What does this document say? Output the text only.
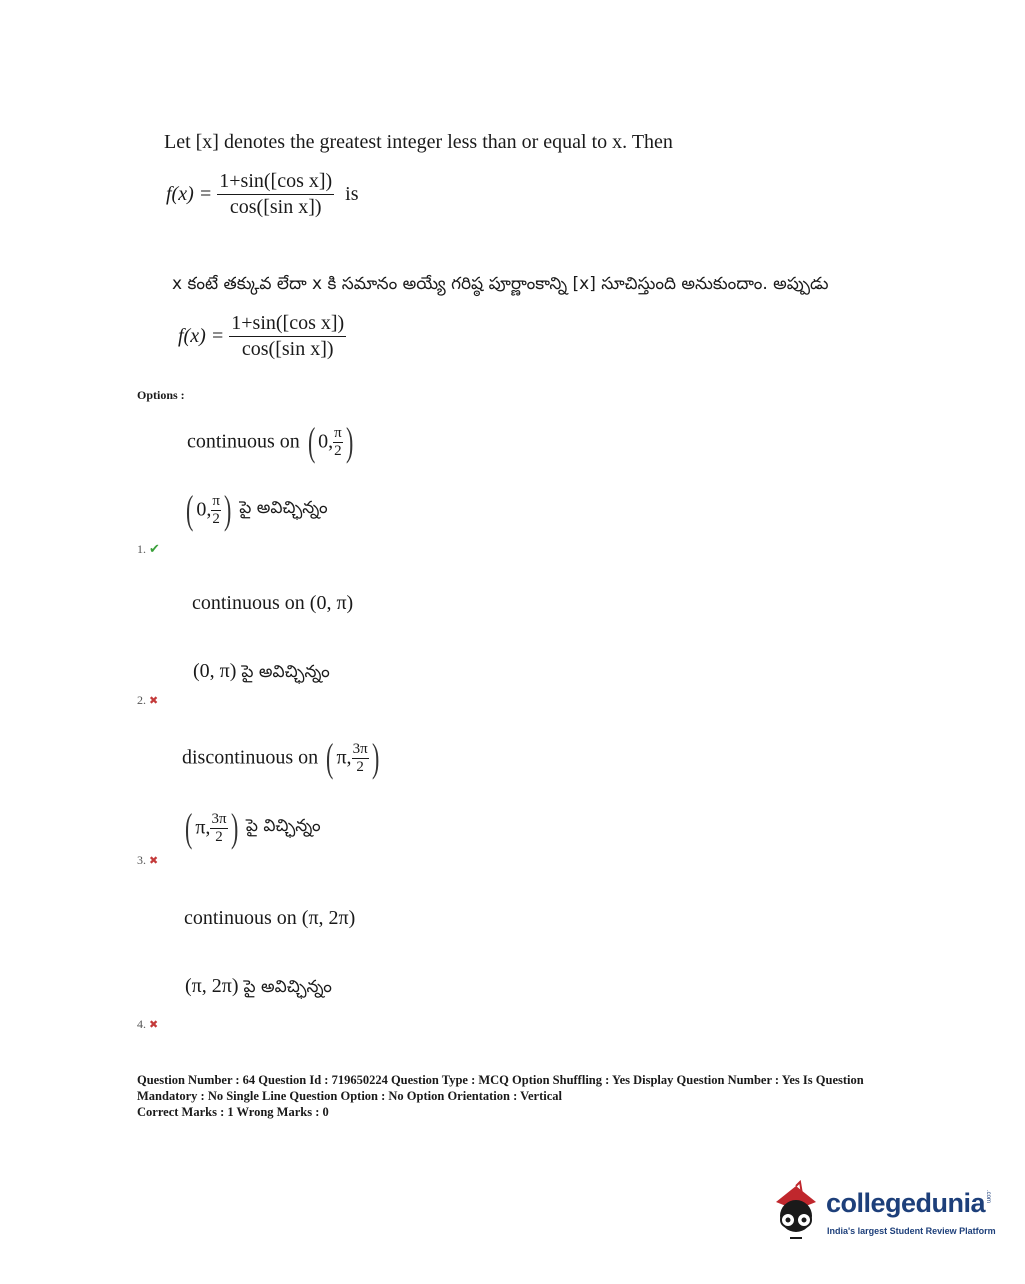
Let [x] denotes the greatest integer less than or equal to x. Then
$f(x) = \frac{\text{1+sin([cos x])}}{\text{cos([sin x])}}$ is
x కంటే తక్కువ లేదా x కి సమానం అయ్యే గరిష్ఠ పూర్ణాంకాన్ని [x] సూచిస్తుంది అనుకుందాం. అప్పుడు
$f(x) = \frac{\text{1+sin([cos x])}}{\text{cos([sin x])}}$
Options :
continuous on ( 0, $\frac{\pi}{2}$ )
( 0, $\frac{\pi}{2}$ ) పై అవిచ్ఛిన్నం
1. ✔
continuous on (0, π)
(0, π) పై అవిచ్ఛిన్నం
2. ✖
discontinuous on ( π, $\frac{3\pi}{2}$ )
( π, $\frac{3\pi}{2}$ ) పై విచ్ఛిన్నం
3. ✖
continuous on (π, 2π)
(π, 2π) పై అవిచ్ఛిన్నం
4. ✖
Question Number : 64 Question Id : 719650224 Question Type : MCQ Option Shuffling : Yes Display Question Number : Yes Is Question Mandatory : No Single Line Question Option : No Option Orientation : Vertical
Correct Marks : 1 Wrong Marks : 0
collegedunia .com
India's largest Student Review Platform
